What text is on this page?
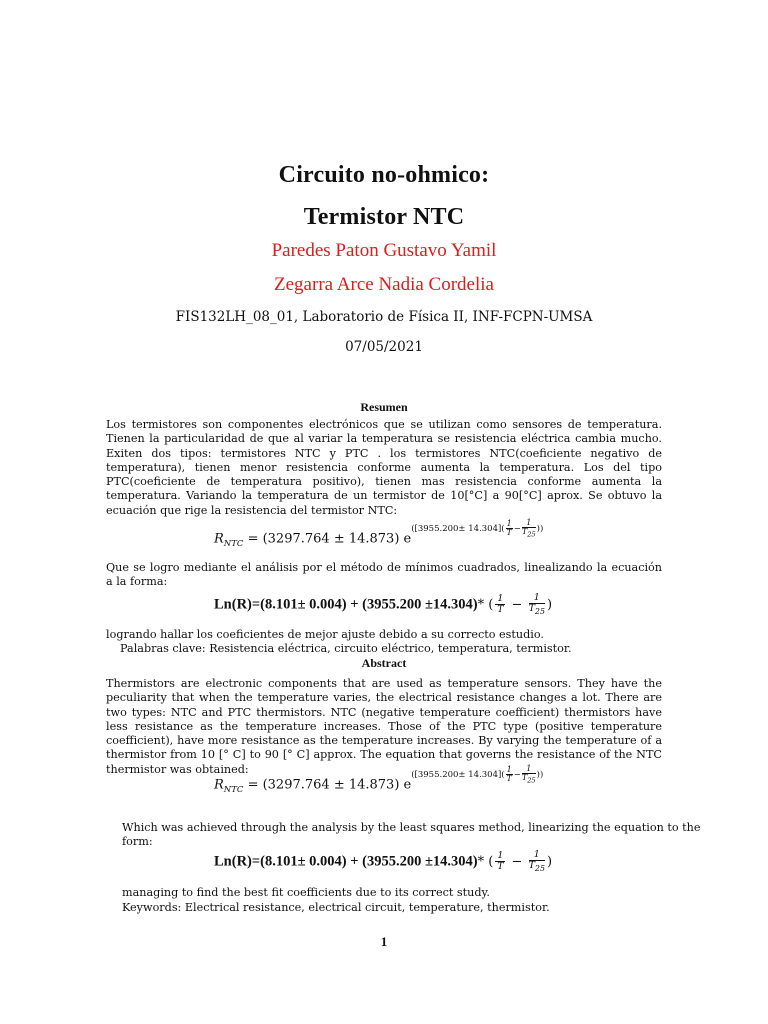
Circuito no-ohmico:
Termistor NTC
Paredes Paton Gustavo Yamil
Zegarra Arce Nadia Cordelia
FIS132LH_08_01, Laboratorio de Física II, INF-FCPN-UMSA
07/05/2021
Resumen
Los termistores son componentes electrónicos que se utilizan como sensores de temperatura. Tienen la particularidad de que al variar la temperatura se resistencia eléctrica cambia mucho. Exiten dos tipos: termistores NTC y PTC . los termistores NTC(coeficiente negativo de temperatura), tienen menor resistencia conforme aumenta la temperatura. Los del tipo PTC(coeficiente de temperatura positivo), tienen mas resistencia conforme aumenta la temperatura. Variando la temperatura de un termistor de 10[°C] a 90[°C] aprox. Se obtuvo la ecuación que rige la resistencia del termistor NTC:
$R_{NTC} = (3297.764 \pm 14.873)$ $e^{([3955.200\pm 14.304]( \frac{1}{T} - \frac{1}{T_{25}} ))}$
Que se logro mediante el análisis por el método de mínimos cuadrados, linealizando la ecuación a la forma:
Ln(R)=(8.101± 0.004) + (3955.200 ±14.304)* ( $\frac{1}{T} - \frac{1}{T_{25}}$ )
logrando hallar los coeficientes de mejor ajuste debido a su correcto estudio.
Palabras clave: Resistencia eléctrica, circuito eléctrico, temperatura, termistor.
Abstract
Thermistors are electronic components that are used as temperature sensors. They have the peculiarity that when the temperature varies, the electrical resistance changes a lot. There are two types: NTC and PTC thermistors. NTC (negative temperature coefficient) thermistors have less resistance as the temperature increases. Those of the PTC type (positive temperature coefficient), have more resistance as the temperature increases. By varying the temperature of a thermistor from 10 [° C] to 90 [° C] approx. The equation that governs the resistance of the NTC thermistor was obtained:
$R_{NTC} = (3297.764 \pm 14.873)$ $e^{([3955.200\pm 14.304]( \frac{1}{T} - \frac{1}{T_{25}} ))}$
Which was achieved through the analysis by the least squares method, linearizing the equation to the
form:
Ln(R)=(8.101± 0.004) + (3955.200 ±14.304)* ( $\frac{1}{T} - \frac{1}{T_{25}}$ )
managing to find the best fit coefficients due to its correct study.
Keywords: Electrical resistance, electrical circuit, temperature, thermistor.
1
